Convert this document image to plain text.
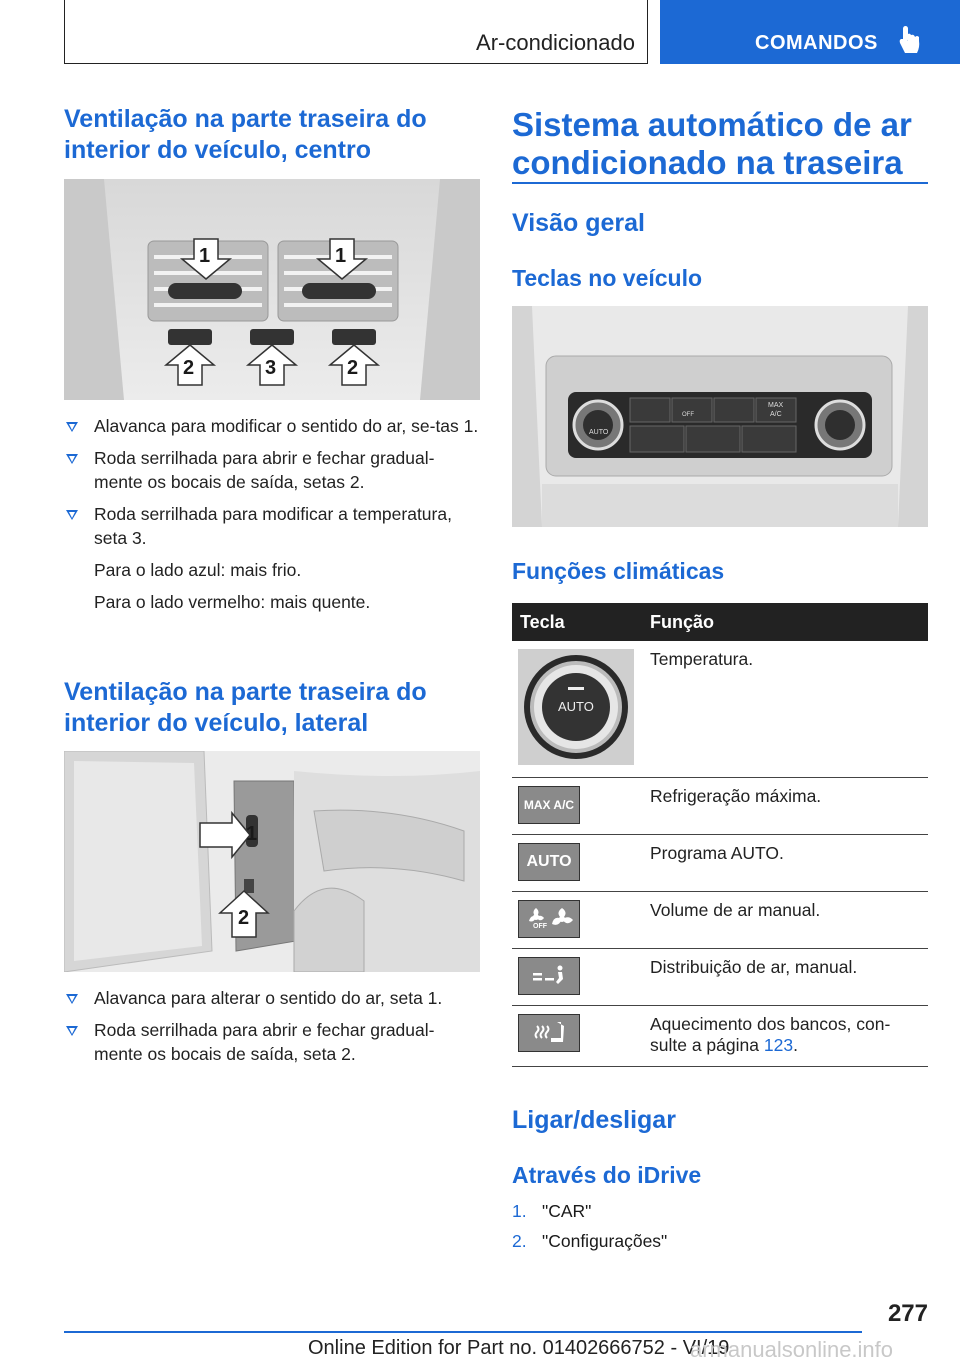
Ar-condicionado	COMANDOS
Ventilação na parte traseira do interior do veículo, centro
1	1
2	3	2
Alavanca para modificar o sentido do ar, se-tas 1.
Roda serrilhada para abrir e fechar gradual-mente os bocais de saída, setas 2.
Roda serrilhada para modificar a temperatura, seta 3.

Para o lado azul: mais frio.

Para o lado vermelho: mais quente.

Ventilação na parte traseira do interior do veículo, lateral
1
2
Alavanca para alterar o sentido do ar, seta 1.
Roda serrilhada para abrir e fechar gradual-mente os bocais de saída, seta 2.
Sistema automático de ar condicionado na traseira
Visão geral
Teclas no veículo
AUTO
OFF
MAX
A/C
Funções climáticas
Tecla	Função

AUTO	Temperatura.

MAX A/C	Refrigeração máxima.

AUTO	Programa AUTO.

OFF	Volume de ar manual.

	Distribuição de ar, manual.

	Aquecimento dos bancos, con-sulte a página 123.
Ligar/desligar
Através do iDrive
1. "CAR"
2. "Configurações"
277
Online Edition for Part no. 01402666752 - VI/19
armanualsonline.info
